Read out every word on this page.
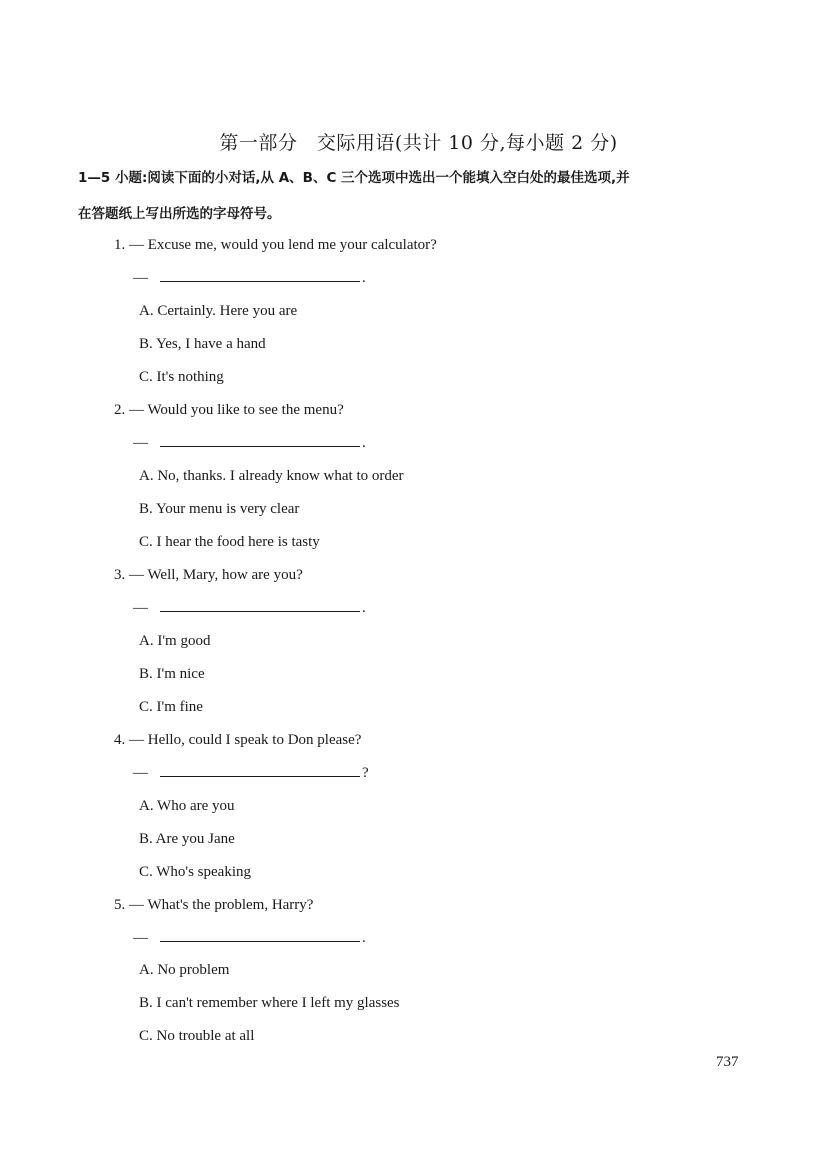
第一部分　交际用语(共计 10 分,每小题 2 分)
1—5 小题:阅读下面的小对话,从 A、B、C 三个选项中选出一个能填入空白处的最佳选项,并
在答题纸上写出所选的字母符号。
1. — Excuse me, would you lend me your calculator?
—	.
A. Certainly. Here you are
B. Yes, I have a hand
C. It's nothing
2. — Would you like to see the menu?
—	.
A. No, thanks. I already know what to order
B. Your menu is very clear
C. I hear the food here is tasty
3. — Well, Mary, how are you?
—	.
A. I'm good
B. I'm nice
C. I'm fine
4. — Hello, could I speak to Don please?
—	?
A. Who are you
B. Are you Jane
C. Who's speaking
5. — What's the problem, Harry?
—	.
A. No problem
B. I can't remember where I left my glasses
C. No trouble at all
737
